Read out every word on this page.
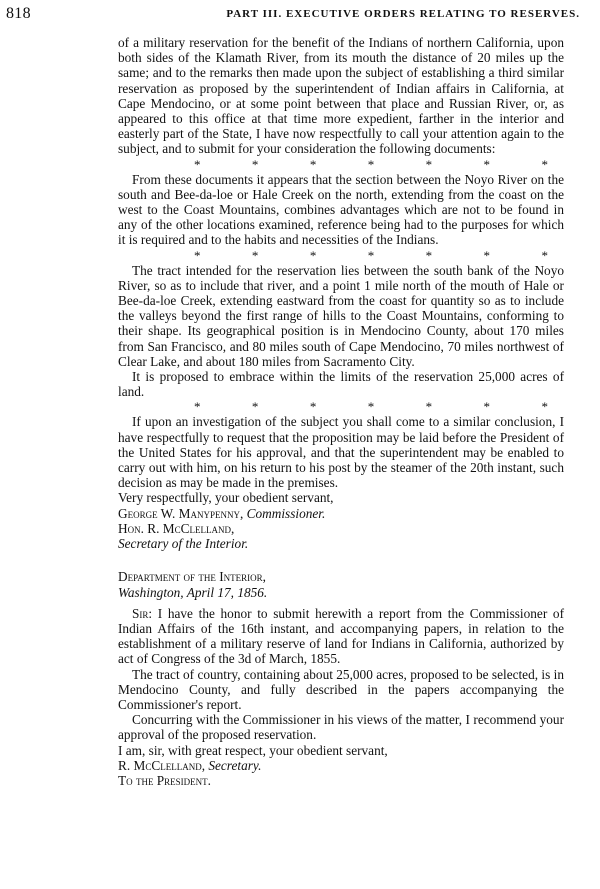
818	PART III. EXECUTIVE ORDERS RELATING TO RESERVES.

of a military reservation for the benefit of the Indians of northern California, upon both sides of the Klamath River, from its mouth the distance of 20 miles up the same; and to the remarks then made upon the subject of establishing a third similar reservation as proposed by the superintendent of Indian affairs in California, at Cape Mendocino, or at some point between that place and Russian River, or, as appeared to this office at that time more expedient, farther in the interior and easterly part of the State, I have now respectfully to call your attention again to the subject, and to submit for your consideration the following documents:

*	*	*	*	*	*	*

From these documents it appears that the section between the Noyo River on the south and Bee-da-loe or Hale Creek on the north, extending from the coast on the west to the Coast Mountains, combines advantages which are not to be found in any of the other locations examined, reference being had to the purposes for which it is required and to the habits and necessities of the Indians.

*	*	*	*	*	*	*

The tract intended for the reservation lies between the south bank of the Noyo River, so as to include that river, and a point 1 mile north of the mouth of Hale or Bee-da-loe Creek, extending eastward from the coast for quantity so as to include the valleys beyond the first range of hills to the Coast Mountains, conforming to their shape. Its geographical position is in Mendocino County, about 170 miles from San Francisco, and 80 miles south of Cape Mendocino, 70 miles northwest of Clear Lake, and about 180 miles from Sacramento City.

It is proposed to embrace within the limits of the reservation 25,000 acres of land.

*	*	*	*	*	*	*

If upon an investigation of the subject you shall come to a similar conclusion, I have respectfully to request that the proposition may be laid before the President of the United States for his approval, and that the superintendent may be enabled to carry out with him, on his return to his post by the steamer of the 20th instant, such decision as may be made in the premises.

Very respectfully, your obedient servant,

George W. Manypenny, Commissioner.

Hon. R. McClelland,

Secretary of the Interior.

Department of the Interior,

Washington, April 17, 1856.

Sir: I have the honor to submit herewith a report from the Commissioner of Indian Affairs of the 16th instant, and accompanying papers, in relation to the establishment of a military reserve of land for Indians in California, authorized by act of Congress of the 3d of March, 1855.

The tract of country, containing about 25,000 acres, proposed to be selected, is in Mendocino County, and fully described in the papers accompanying the Commissioner's report.

Concurring with the Commissioner in his views of the matter, I recommend your approval of the proposed reservation.

I am, sir, with great respect, your obedient servant,

R. McClelland, Secretary.

To the President.
